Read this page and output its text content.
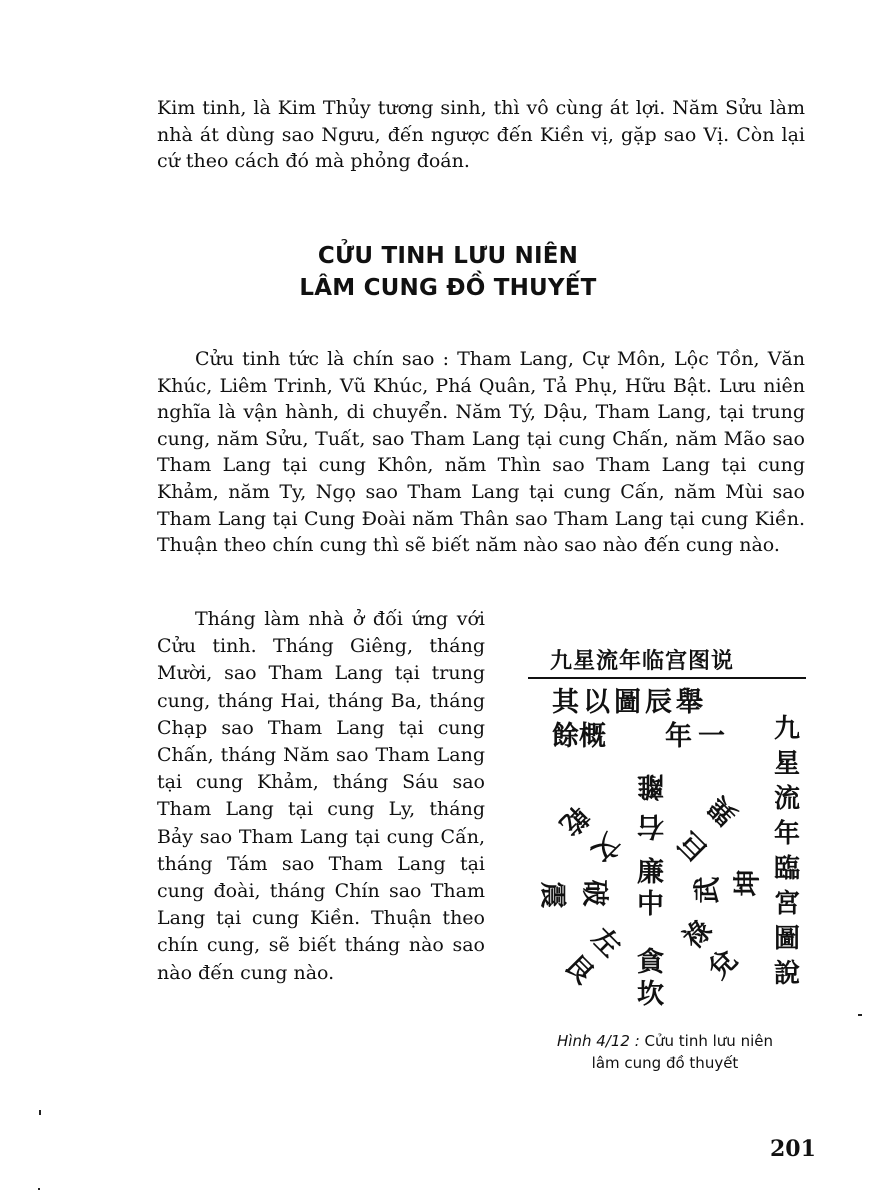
Kim tinh, là Kim Thủy tương sinh, thì vô cùng át lợi. Năm Sửu làm nhà át dùng sao Ngưu, đến ngược đến Kiền vị, gặp sao Vị. Còn lại cứ theo cách đó mà phỏng đoán.

CỬU TINH LƯU NIÊN
LÂM CUNG ĐỒ THUYẾT

Cửu tinh tức là chín sao : Tham Lang, Cự Môn, Lộc Tồn, Văn Khúc, Liêm Trinh, Vũ Khúc, Phá Quân, Tả Phụ, Hữu Bật. Lưu niên nghĩa là vận hành, di chuyển. Năm Tý, Dậu, Tham Lang, tại trung cung, năm Sửu, Tuất, sao Tham Lang tại cung Chấn, năm Mão sao Tham Lang tại cung Khôn, năm Thìn sao Tham Lang tại cung Khảm, năm Ty, Ngọ sao Tham Lang tại cung Cấn, năm Mùi sao Tham Lang tại Cung Đoài năm Thân sao Tham Lang tại cung Kiền. Thuận theo chín cung thì sẽ biết năm nào sao nào đến cung nào.

Tháng làm nhà ở đối ứng với Cửu tinh. Tháng Giêng, tháng Mười, sao Tham Lang tại trung cung, tháng Hai, tháng Ba, tháng Chạp sao Tham Lang tại cung Chấn, tháng Năm sao Tham Lang tại cung Khảm, tháng Sáu sao Tham Lang tại cung Ly, tháng Bảy sao Tham Lang tại cung Cấn, tháng Tám sao Tham Lang tại cung đoài, tháng Chín sao Tham Lang tại cung Kiền. Thuận theo chín cung, sẽ biết tháng nào sao nào đến cung nào.

九星流年临宫图说
其以圖辰舉
餘概 年一 九
星
流
年
臨
宮
圖
說
廉
中
離
右 巽
巨
坤
武
兌
祿
貪
坎
艮
左
震 破
乾
文
Hình 4/12 : Cửu tinh lưu niên
lâm cung đồ thuyết
201
